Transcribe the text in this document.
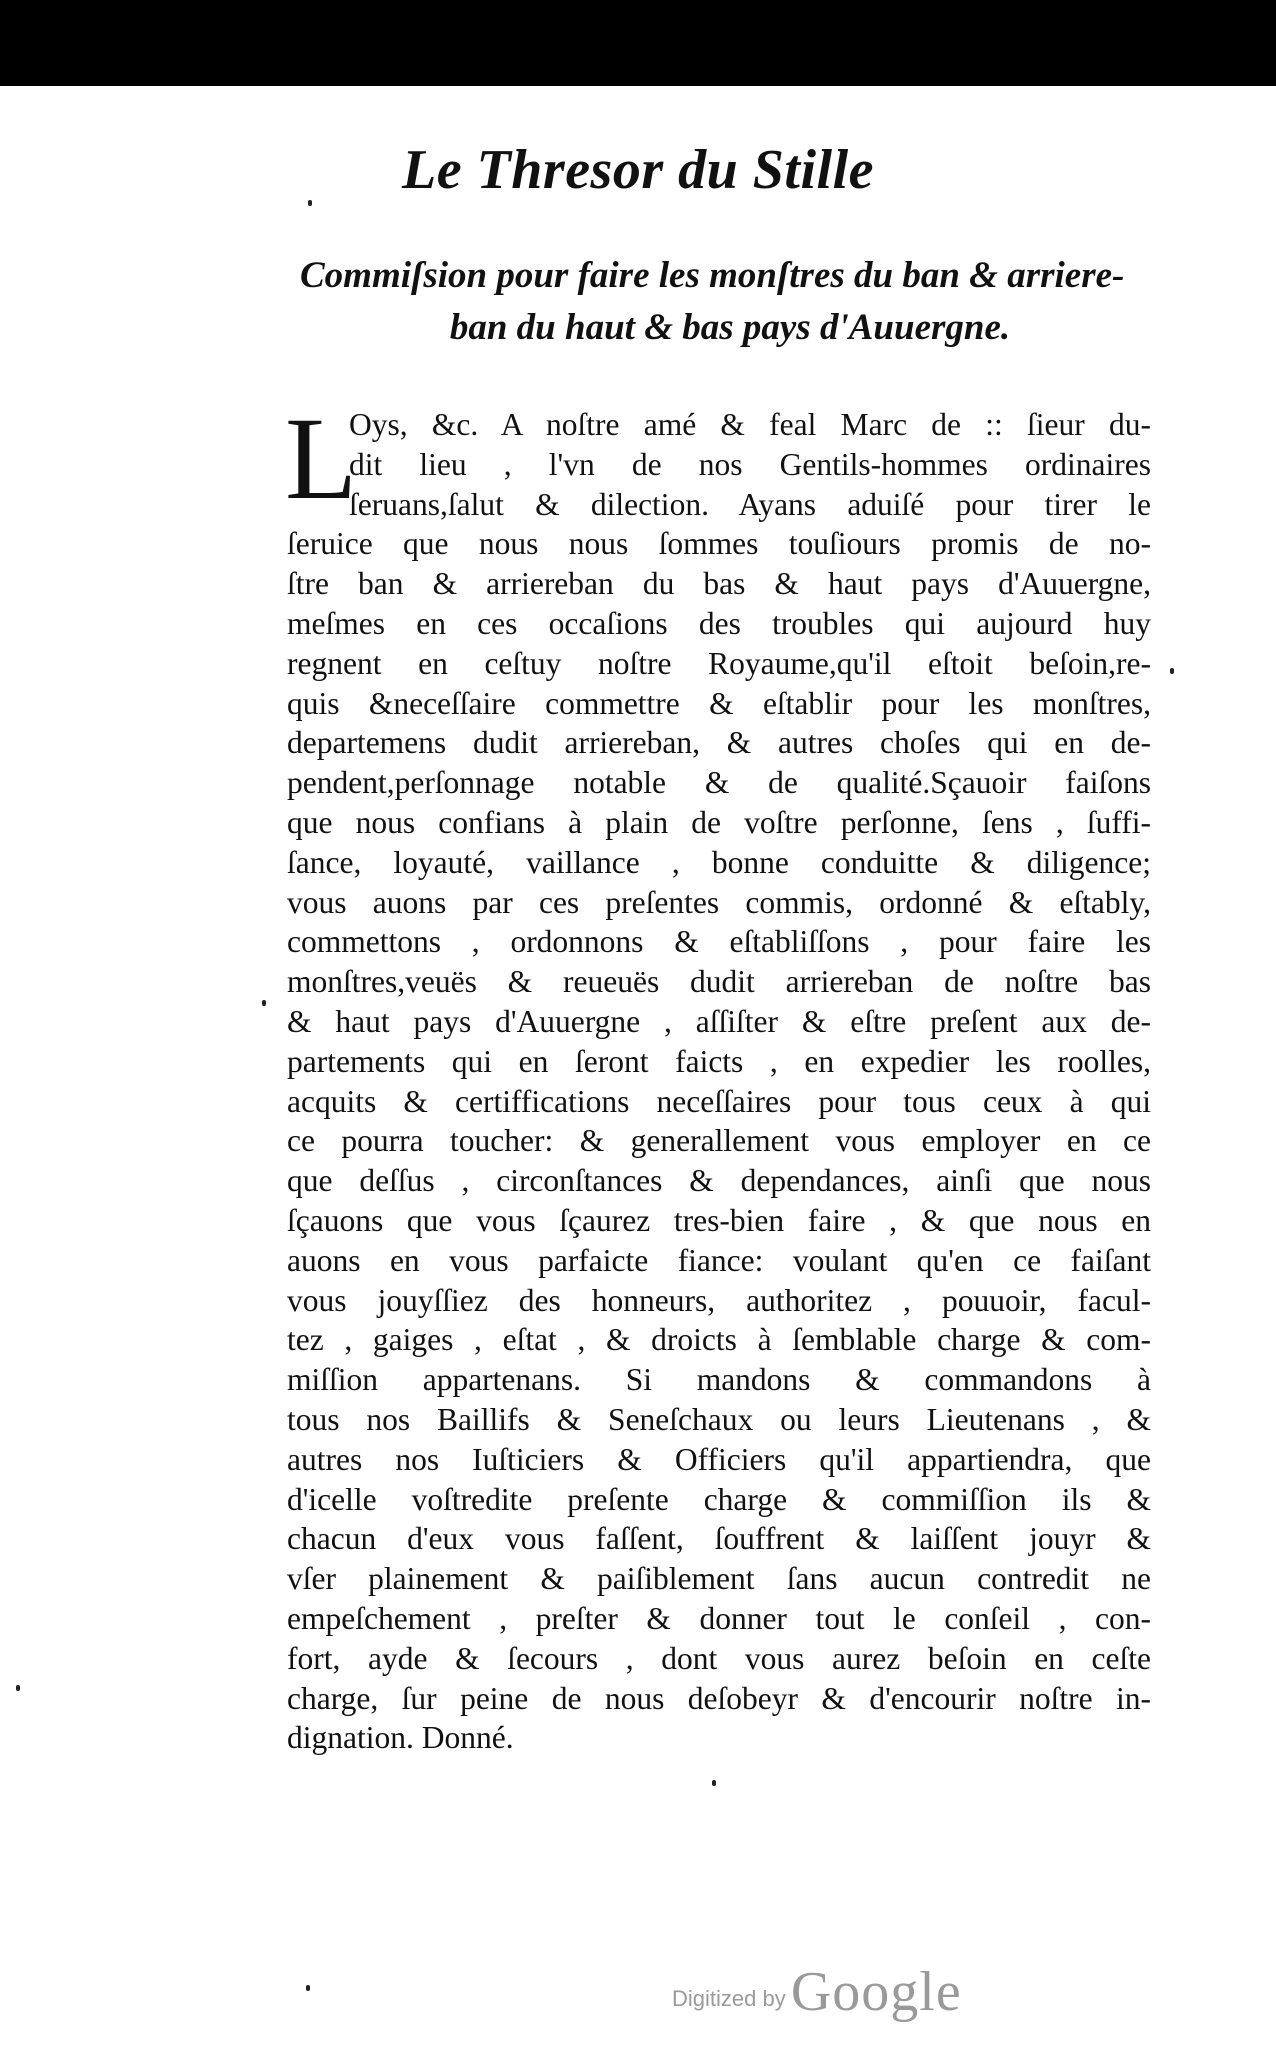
Le Thresor du Stille
Commiſsion pour faire les monſtres du ban & arriere-
ban du haut & bas pays d'Auuergne.
L
Oys, &c. A noſtre amé & feal Marc de :: ſieur du-
dit lieu , l'vn de nos Gentils-hommes ordinaires
ſeruans,ſalut & dilection. Ayans aduiſé pour tirer le
ſeruice que nous nous ſommes touſiours promis de no-
ſtre ban & arriereban du bas & haut pays d'Auuergne,
meſmes en ces occaſions des troubles qui aujourd huy
regnent en ceſtuy noſtre Royaume,qu'il eſtoit beſoin,re-
quis &neceſſaire commettre & eſtablir pour les monſtres,
departemens dudit arriereban, & autres choſes qui en de-
pendent,perſonnage notable & de qualité.Sçauoir faiſons
que nous confians à plain de voſtre perſonne, ſens , ſuffi-
ſance, loyauté, vaillance , bonne conduitte & diligence;
vous auons par ces preſentes commis, ordonné & eſtably,
commettons , ordonnons & eſtabliſſons , pour faire les
monſtres,veuës & reueuës dudit arriereban de noſtre bas
& haut pays d'Auuergne , aſſiſter & eſtre preſent aux de-
partements qui en ſeront faicts , en expedier les roolles,
acquits & certiffications neceſſaires pour tous ceux à qui
ce pourra toucher: & generallement vous employer en ce
que deſſus , circonſtances & dependances, ainſi que nous
ſçauons que vous ſçaurez tres-bien faire , & que nous en
auons en vous parfaicte fiance: voulant qu'en ce faiſant
vous jouyſſiez des honneurs, authoritez , pouuoir, facul-
tez , gaiges , eſtat , & droicts à ſemblable charge & com-
miſſion appartenans. Si mandons & commandons à
tous nos Baillifs & Seneſchaux ou leurs Lieutenans , &
autres nos Iuſticiers & Officiers qu'il appartiendra, que
d'icelle voſtredite preſente charge & commiſſion ils &
chacun d'eux vous faſſent, ſouffrent & laiſſent jouyr &
vſer plainement & paiſiblement ſans aucun contredit ne
empeſchement , preſter & donner tout le conſeil , con-
fort, ayde & ſecours , dont vous aurez beſoin en ceſte
charge, ſur peine de nous deſobeyr & d'encourir noſtre in-
dignation. Donné.
Digitized by Google
